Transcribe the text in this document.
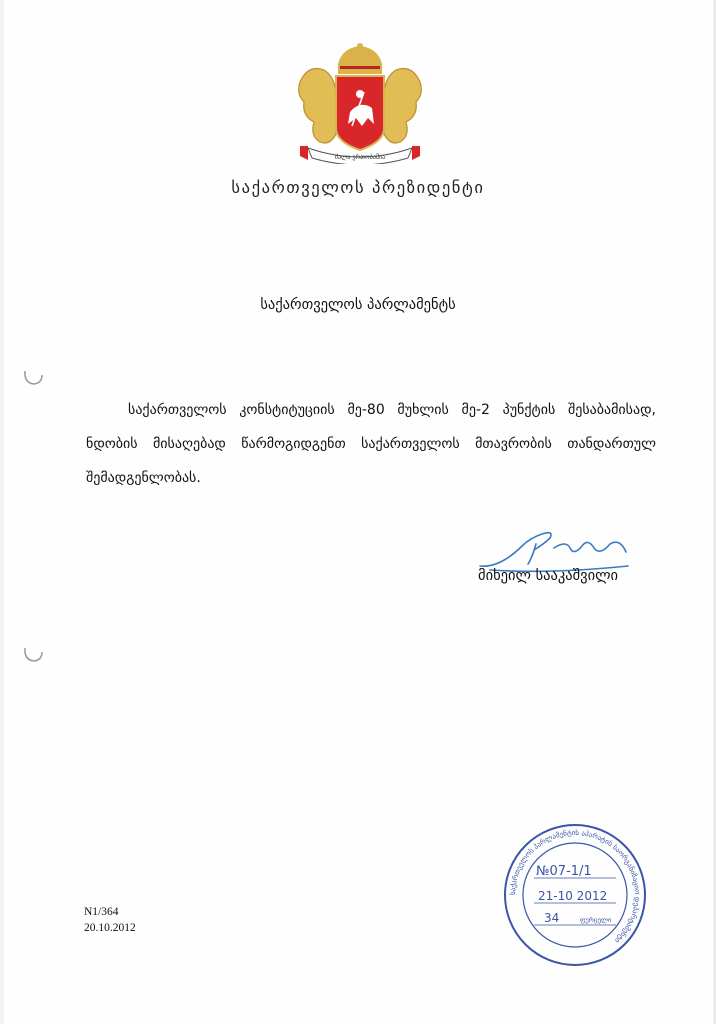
ძალა ერთობაშია
საქართველოს პრეზიდენტი
საქართველოს პარლამენტს
საქართველოს კონსტიტუციის მე-80 მუხლის მე-2 პუნქტის შესაბამისად, ნდობის მისაღებად წარმოგიდგენთ საქართველოს მთავრობის თანდართულ შემადგენლობას.
მიხეილ სააკაშვილი
N1/364
20.10.2012
საქართველოს პარლამენტის აპარატის საორგანიზაციო დეპარტამენტი
№07-1/1
21-10 2012
34	ფურცელი
